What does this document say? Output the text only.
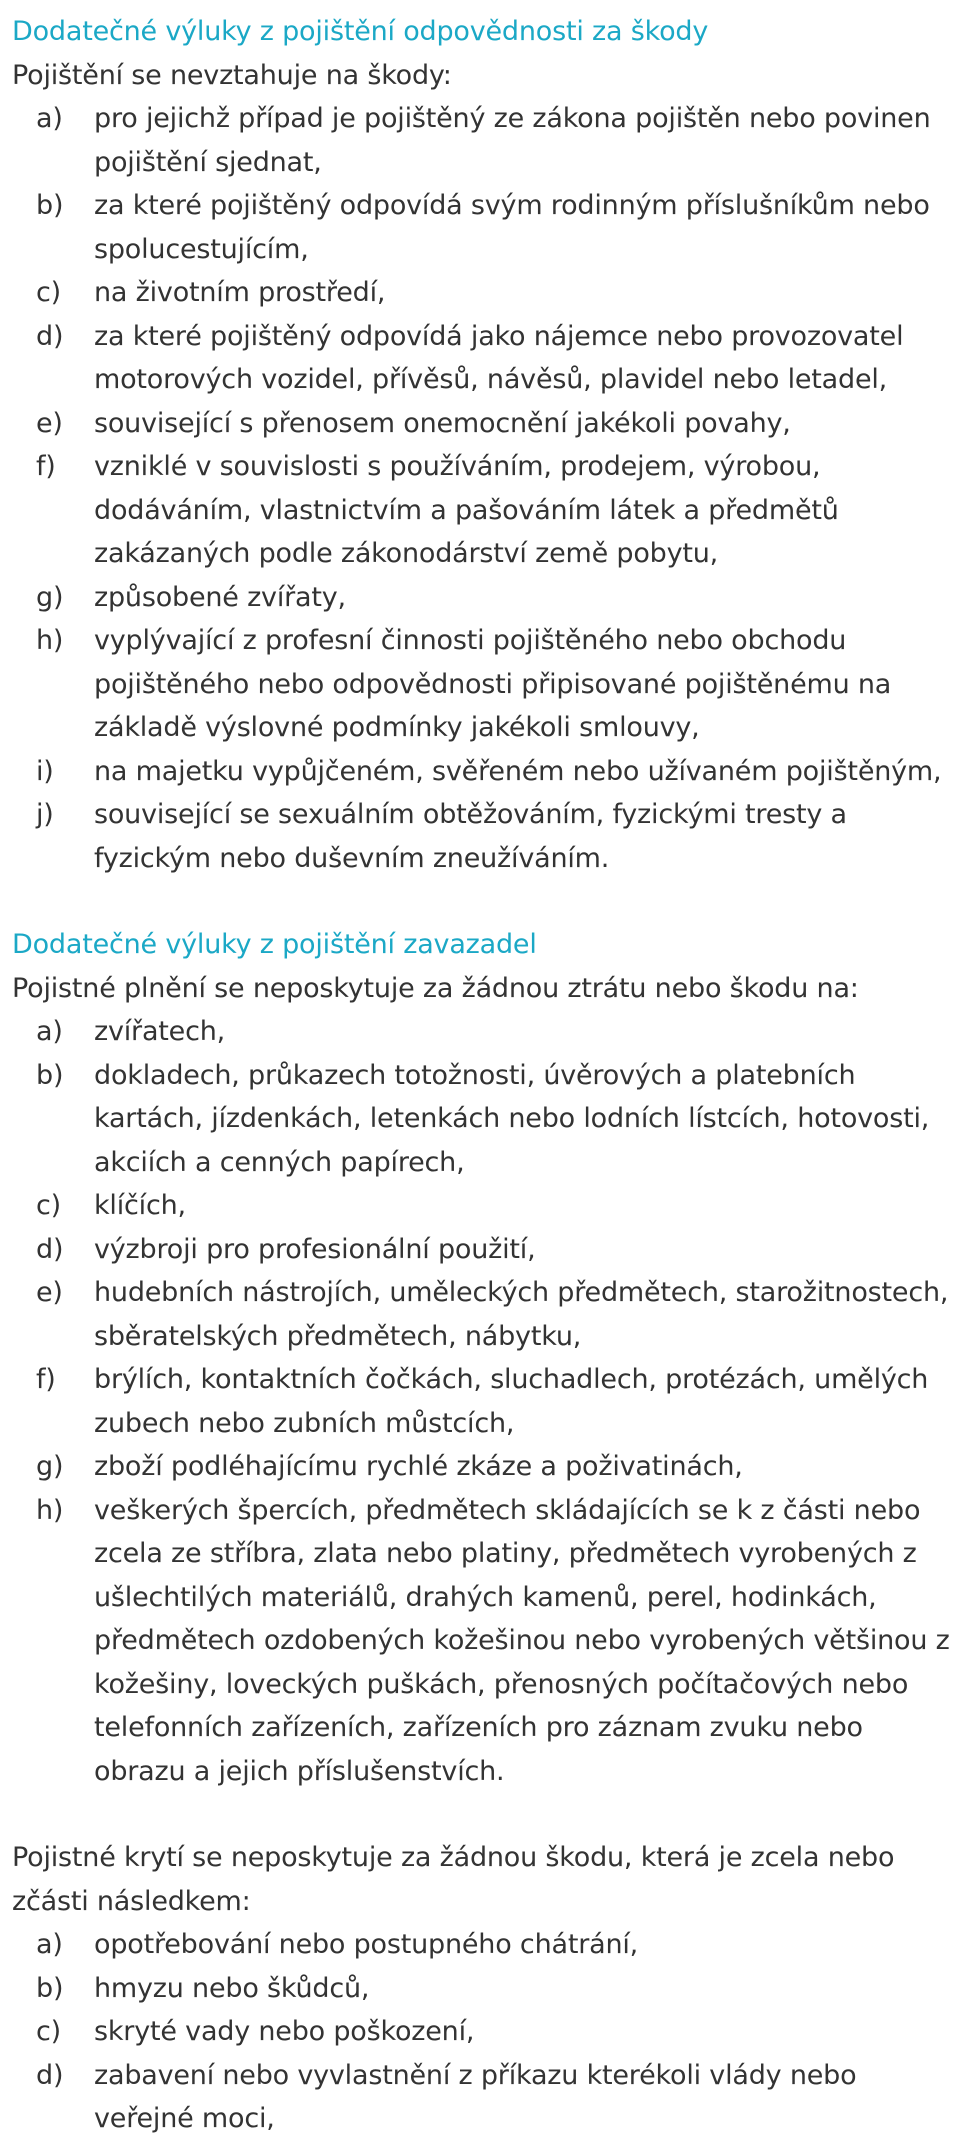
Dodatečné výluky z pojištění odpovědnosti za škody

Pojištění se nevztahuje na škody:

a)	pro jejichž případ je pojištěný ze zákona pojištěn nebo povinen pojištění sjednat,
b)	za které pojištěný odpovídá svým rodinným příslušníkům nebo spolucestujícím,
c)	na životním prostředí,
d)	za které pojištěný odpovídá jako nájemce nebo provozovatel motorových vozidel, přívěsů, návěsů, plavidel nebo letadel,
e)	související s přenosem onemocnění jakékoli povahy,
f)	vzniklé v souvislosti s používáním, prodejem, výrobou, dodáváním, vlastnictvím a pašováním látek a předmětů zakázaných podle zákonodárství země pobytu,
g)	způsobené zvířaty,
h)	vyplývající z profesní činnosti pojištěného nebo obchodu pojištěného nebo odpovědnosti připisované pojištěnému na základě výslovné podmínky jakékoli smlouvy,
i)	na majetku vypůjčeném, svěřeném nebo užívaném pojištěným,
j)	související se sexuálním obtěžováním, fyzickými tresty a fyzickým nebo duševním zneužíváním.
Dodatečné výluky z pojištění zavazadel

Pojistné plnění se neposkytuje za žádnou ztrátu nebo škodu na:

a)	zvířatech,
b)	dokladech, průkazech totožnosti, úvěrových a platebních kartách, jízdenkách, letenkách nebo lodních lístcích, hotovosti, akciích a cenných papírech,
c)	klíčích,
d)	výzbroji pro profesionální použití,
e)	hudebních nástrojích, uměleckých předmětech, starožitnostech, sběratelských předmětech, nábytku,
f)	brýlích, kontaktních čočkách, sluchadlech, protézách, umělých zubech nebo zubních můstcích,
g)	zboží podléhajícímu rychlé zkáze a poživatinách,
h)	veškerých špercích, předmětech skládajících se k z části nebo zcela ze stříbra, zlata nebo platiny, předmětech vyrobených z ušlechtilých materiálů, drahých kamenů, perel, hodinkách, předmětech ozdobených kožešinou nebo vyrobených většinou z kožešiny, loveckých puškách, přenosných počítačových nebo telefonních zařízeních, zařízeních pro záznam zvuku nebo obrazu a jejich příslušenstvích.

Pojistné krytí se neposkytuje za žádnou škodu, která je zcela nebo zčásti následkem:

a)	opotřebování nebo postupného chátrání,
b)	hmyzu nebo škůdců,
c)	skryté vady nebo poškození,
d)	zabavení nebo vyvlastnění z příkazu kterékoli vlády nebo veřejné moci,
